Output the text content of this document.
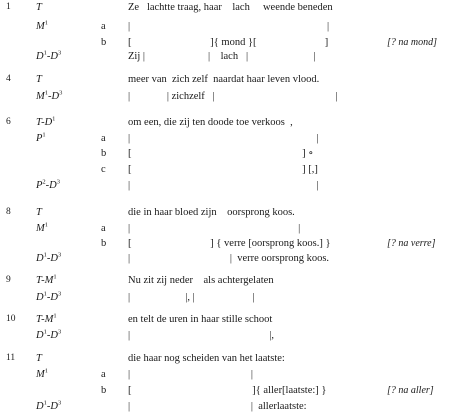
1 T	Ze   lachtte traag, haar    lach     weende beneden
$M^1$	a |                                                                           |
b [                              ]{ mond }[                          ]	[? na mond]
$D^1-D^3$	Zij |                        |    lach   |                         |
4 T	meer van  zich zelf  naardat haar leven vlood.
$M^1-D^3$	|              | zichzelf   |                                              |
6 $T-D^1$	om een, die zij ten doode toe verkoos  ,
$P^1$	a |                                                                       |
b [                                                                 ] ∘
c [                                                                 ] [,]
$P^2-D^3$	|                                                                       |
8 T	die in haar bloed zijn    oorsprong koos.
$M^1$	a |                                                                |
b [                              ] { verre [oorsprong koos.] }	[? na verre]
$D^1-D^3$	|                                      |  verre oorsprong koos.
9 $T-M^1$	Nu zit zij neder    als achtergelaten
$D^1-D^3$	|                     |, |                      |
10 $T-M^1$	en telt de uren in haar stille schoot
$D^1-D^3$	|                                                     |,
11 T	die haar nog scheiden van het laatste:
$M^1$	a |                                              |
b [                                              ]{ aller[laatste:] }	[? na aller]
$D^1-D^3$	|                                              |  allerlaatste:
